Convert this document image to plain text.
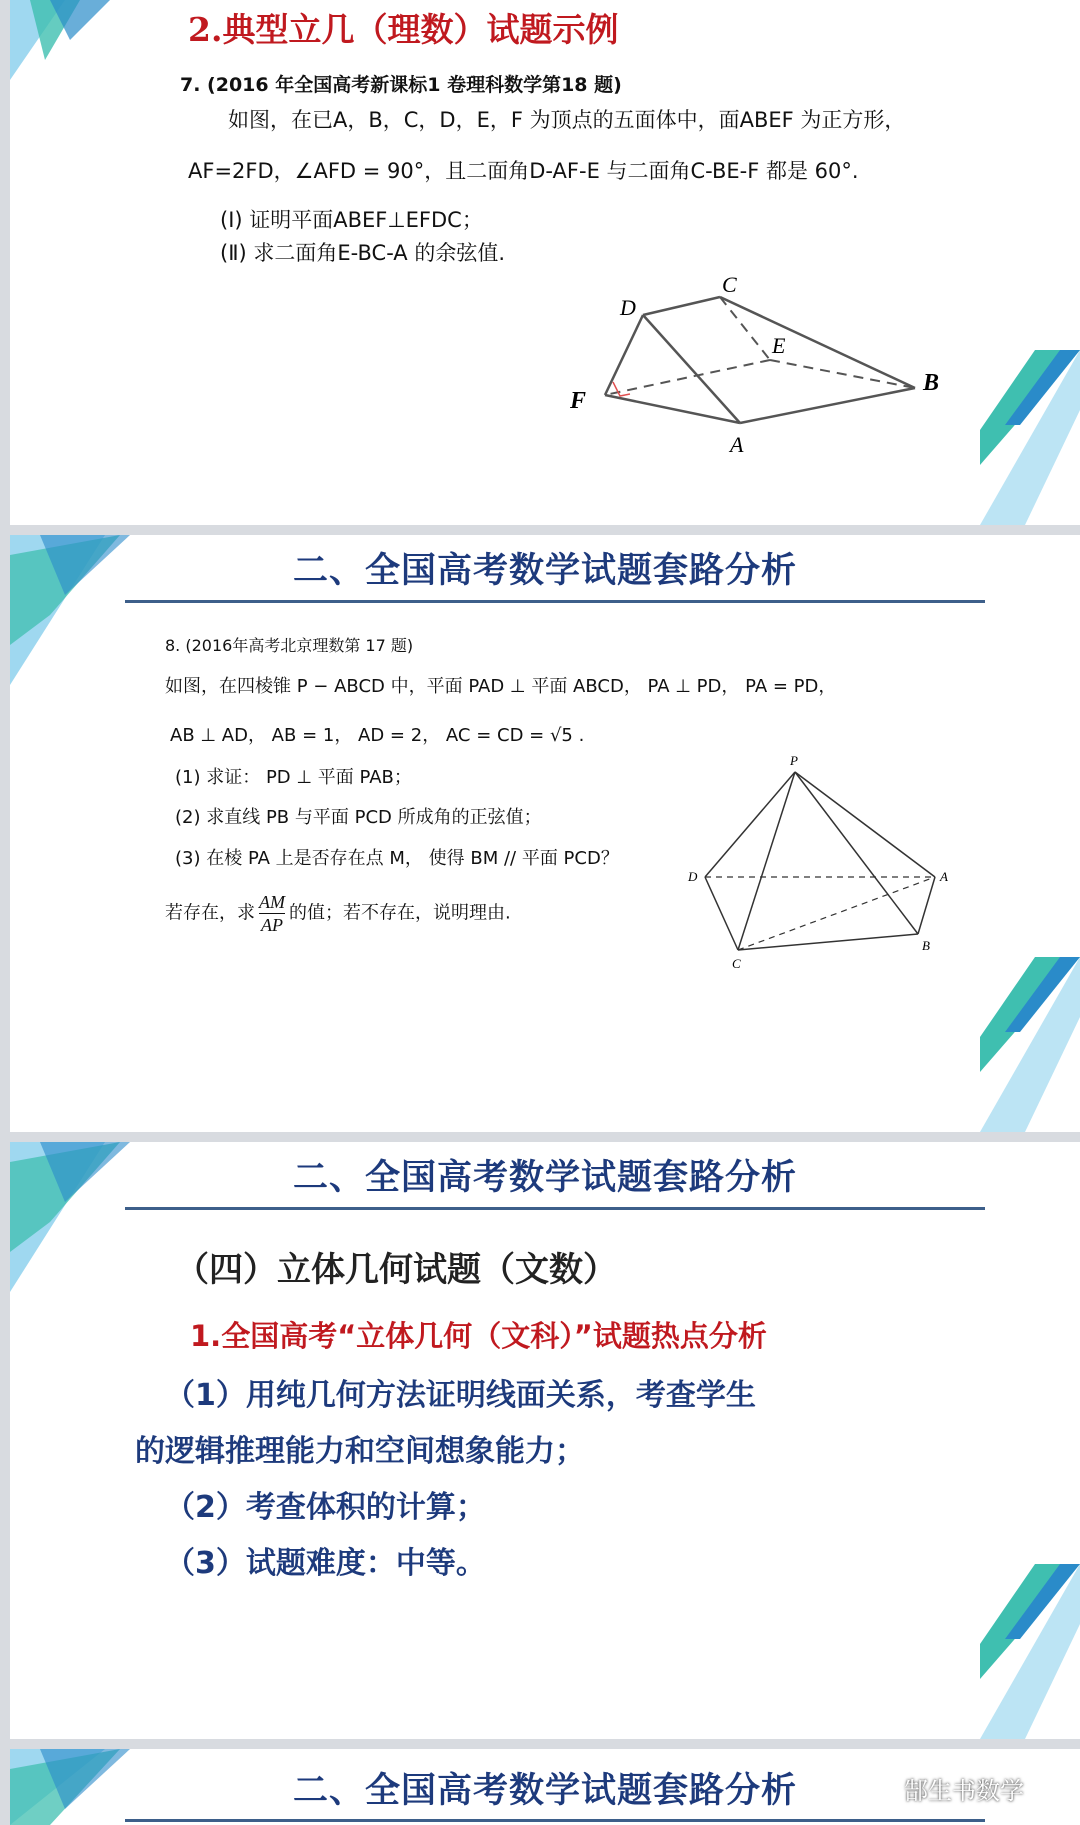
2.典型立几（理数）试题示例
7. (2016 年全国高考新课标1 卷理科数学第18 题)
如图，在已A，B，C，D，E，F 为顶点的五面体中，面ABEF 为正方形，
AF=2FD，∠AFD = 90°，且二面角D-AF-E 与二面角C-BE-F 都是 60°.
(Ⅰ) 证明平面ABEF⊥EFDC；
(Ⅱ) 求二面角E-BC-A 的余弦值.
D
C
E
B
F
A
二、全国高考数学试题套路分析
8. (2016年高考北京理数第 17 题)
如图，在四棱锥 P − ABCD 中，平面 PAD ⊥ 平面 ABCD， PA ⊥ PD， PA = PD，
AB ⊥ AD， AB = 1， AD = 2， AC = CD = √5 .
(1) 求证： PD ⊥ 平面 PAB；
(2) 求直线 PB 与平面 PCD 所成角的正弦值；
(3) 在棱 PA 上是否存在点 M， 使得 BM // 平面 PCD？
若存在，求 $\frac{AM}{AP}$ 的值；若不存在，说明理由.
P
D	A
B
C
二、全国高考数学试题套路分析
（四）立体几何试题（文数）
1.全国高考“立体几何（文科）”试题热点分析
（1）用纯几何方法证明线面关系，考查学生
的逻辑推理能力和空间想象能力；
（2）考查体积的计算；
（3）试题难度：中等。
二、全国高考数学试题套路分析	郜生书数学
